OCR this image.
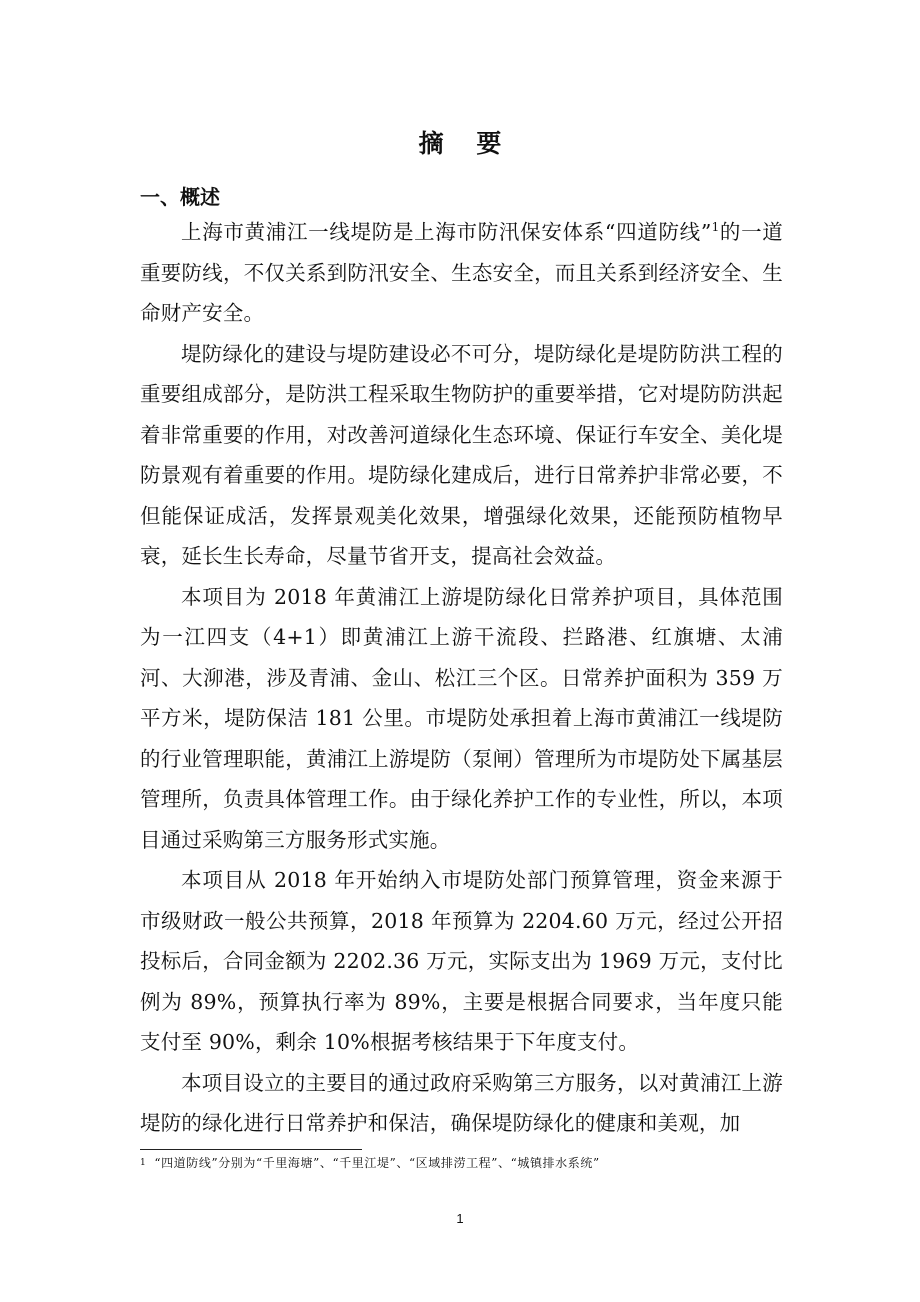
摘 要
一、概述

上海市黄浦江一线堤防是上海市防汛保安体系“四道防线”$^1$的一道重要防线，不仅关系到防汛安全、生态安全，而且关系到经济安全、生命财产安全。

堤防绿化的建设与堤防建设必不可分，堤防绿化是堤防防洪工程的重要组成部分，是防洪工程采取生物防护的重要举措，它对堤防防洪起着非常重要的作用，对改善河道绿化生态环境、保证行车安全、美化堤防景观有着重要的作用。堤防绿化建成后，进行日常养护非常必要，不但能保证成活，发挥景观美化效果，增强绿化效果，还能预防植物早衰，延长生长寿命，尽量节省开支，提高社会效益。

本项目为 2018 年黄浦江上游堤防绿化日常养护项目，具体范围为一江四支（4+1）即黄浦江上游干流段、拦路港、红旗塘、太浦河、大泖港，涉及青浦、金山、松江三个区。日常养护面积为 359 万平方米，堤防保洁 181 公里。市堤防处承担着上海市黄浦江一线堤防的行业管理职能，黄浦江上游堤防（泵闸）管理所为市堤防处下属基层管理所，负责具体管理工作。由于绿化养护工作的专业性，所以，本项目通过采购第三方服务形式实施。

本项目从 2018 年开始纳入市堤防处部门预算管理，资金来源于市级财政一般公共预算，2018 年预算为 2204.60 万元，经过公开招投标后，合同金额为 2202.36 万元，实际支出为 1969 万元，支付比例为 89%，预算执行率为 89%，主要是根据合同要求，当年度只能支付至 90%，剩余 10%根据考核结果于下年度支付。

本项目设立的主要目的通过政府采购第三方服务，以对黄浦江上游堤防的绿化进行日常养护和保洁，确保堤防绿化的健康和美观，加

$^1$ “四道防线”分别为“千里海塘”、“千里江堤”、“区域排涝工程”、“城镇排水系统”
1
